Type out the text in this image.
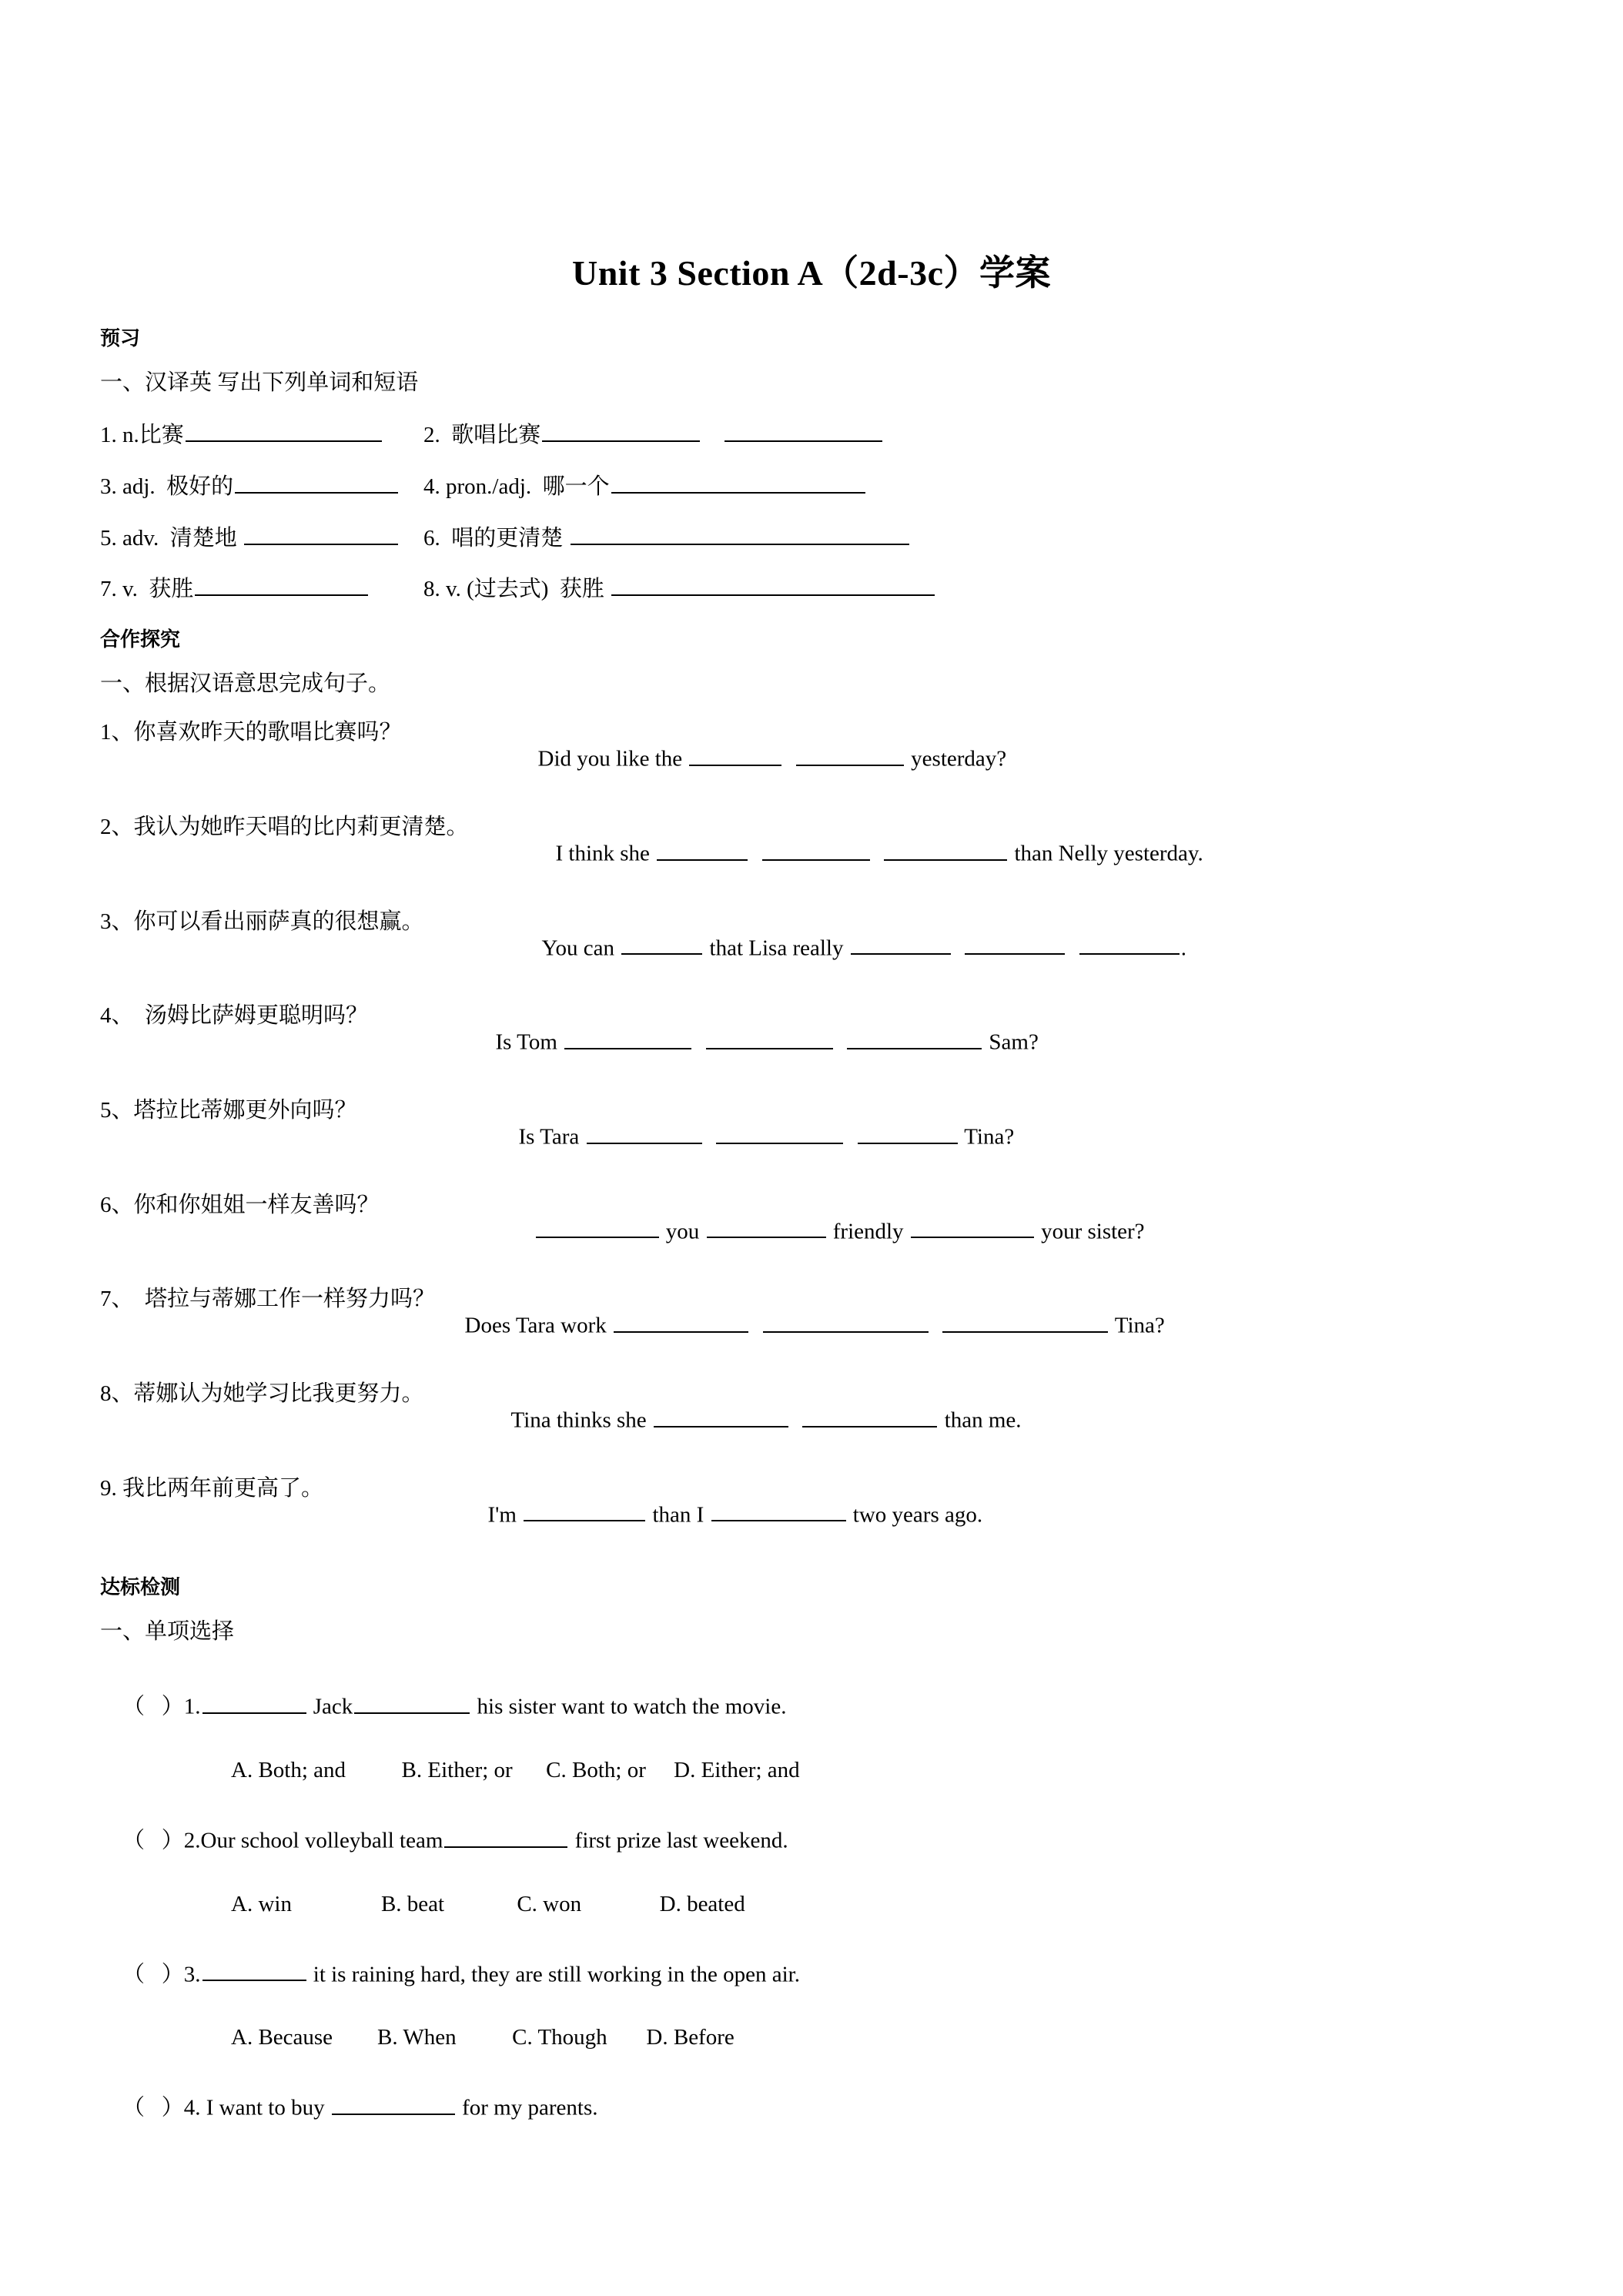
Unit 3 Section A（2d-3c）学案
预习
一、汉译英 写出下列单词和短语
1. n.比赛	2.  歌唱比赛
3. adj.  极好的	4. pron./adj.  哪一个
5. adv.  清楚地	6.  唱的更清楚
7. v.  获胜	8. v. (过去式)  获胜
合作探究
一、根据汉语意思完成句子。
1、你喜欢昨天的歌唱比赛吗？

Did you like the	yesterday?

2、我认为她昨天唱的比内莉更清楚。

I think she	than Nelly yesterday.

3、你可以看出丽萨真的很想赢。

You can	that Lisa really	.

4、  汤姆比萨姆更聪明吗？

Is Tom	Sam?

5、塔拉比蒂娜更外向吗？

Is Tara	Tina?

6、你和你姐姐一样友善吗？

you	friendly	your sister?

7、  塔拉与蒂娜工作一样努力吗？

Does Tara work	Tina?

8、蒂娜认为她学习比我更努力。

Tina thinks she	than me.

9. 我比两年前更高了。

I'm	than I	two years ago.

达标检测
一、单项选择

（   ）1.	Jack	his sister want to watch the movie.

A. Both; and          B. Either; or      C. Both; or     D. Either; and

（   ）2.Our school volleyball team	first prize last weekend.

A. win                B. beat             C. won              D. beated

（   ）3.	it is raining hard, they are still working in the open air.

A. Because        B. When          C. Though       D. Before

（   ）4. I want to buy	for my parents.
